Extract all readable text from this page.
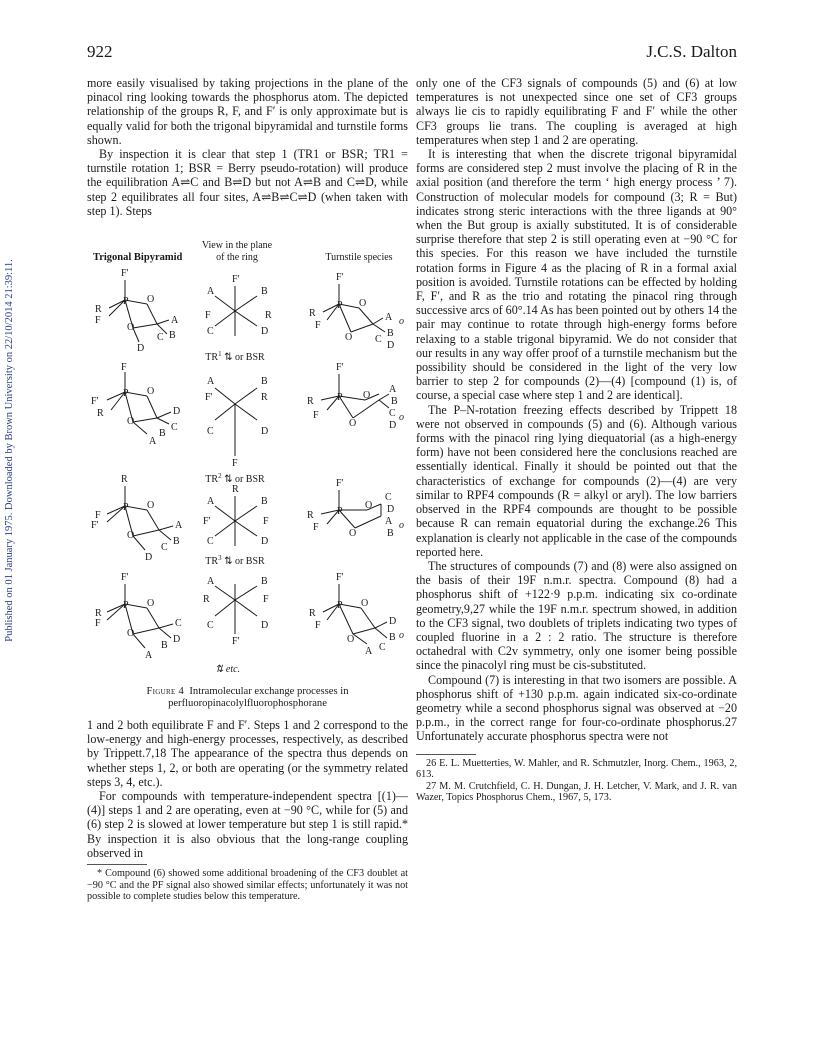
Published on 01 January 1975. Downloaded by Brown University on 22/10/2014 21:39:11.
922	J.C.S. Dalton

more easily visualised by taking projections in the plane of the pinacol ring looking towards the phosphorus atom. The depicted relationship of the groups R, F, and F′ is only approximate but is equally valid for both the trigonal bipyramidal and turnstile forms shown.

By inspection it is clear that step 1 (TR1 or BSR; TR1 = turnstile rotation 1; BSR = Berry pseudo-rotation) will produce the equilibration A⇌C and B⇌D but not A⇌B and C⇌D, while step 2 equilibrates all four sites, A⇌B⇌C⇌D (when taken with step 1). Steps

Trigonal Bipyramid
View in the plane
of the ring	Turnstile species
F′
R
F
P O
O
A
B
C
D
F′
A	B
C	D
F	R
F′
R
F
P O
O
A
B
C
D
o
$TR^1$ ⇅ or BSR
F
F′
R
P O
O
D
C
B
A
A	B
F′	R
C	D
F
F′
R
F
P O
O
A
B
C
D
o
$TR^2$ ⇅ or BSR
R
F
F′
P O
O
A
B
C
D
R
A	B
F′	F
C	D
F′
R
F
P
O
O
C
D
A
B
o
$TR^3$ ⇅ or BSR
F′
R
F
P O
O
C
D
B
A
A	B
R	F
C	D
F′
F′
R
F
P O
O
D
B
C
A
o
⇅ etc.
Figure 4 Intramolecular exchange processes in perfluoropinacolylfluorophosphorane

1 and 2 both equilibrate F and F′. Steps 1 and 2 correspond to the low-energy and high-energy processes, respectively, as described by Trippett.7,18 The appearance of the spectra thus depends on whether steps 1, 2, or both are operating (or the symmetry related steps 3, 4, etc.).

For compounds with temperature-independent spectra [(1)—(4)] steps 1 and 2 are operating, even at −90 °C, while for (5) and (6) step 2 is slowed at lower temperature but step 1 is still rapid.* By inspection it is also obvious that the long-range coupling observed in

* Compound (6) showed some additional broadening of the CF3 doublet at −90 °C and the PF signal also showed similar effects; unfortunately it was not possible to complete studies below this temperature.

only one of the CF3 signals of compounds (5) and (6) at low temperatures is not unexpected since one set of CF3 groups always lie cis to rapidly equilibrating F and F′ while the other CF3 groups lie trans. The coupling is averaged at high temperatures when step 1 and 2 are operating.

It is interesting that when the discrete trigonal bipyramidal forms are considered step 2 must involve the placing of R in the axial position (and therefore the term ‘ high energy process ’ 7). Construction of molecular models for compound (3; R = But) indicates strong steric interactions with the three ligands at 90° when the But group is axially substituted. It is of considerable surprise therefore that step 2 is still operating even at −90 °C for this species. For this reason we have included the turnstile rotation forms in Figure 4 as the placing of R in a formal axial position is avoided. Turnstile rotations can be effected by holding F, F′, and R as the trio and rotating the pinacol ring through successive arcs of 60°.14 As has been pointed out by others 14 the pair may continue to rotate through high-energy forms before relaxing to a stable trigonal bipyramid. We do not consider that our results in any way offer proof of a turnstile mechanism but the possibility should be considered in the light of the very low barrier to step 2 for compounds (2)—(4) [compound (1) is, of course, a special case where step 1 and 2 are identical].

The P–N-rotation freezing effects described by Trippett 18 were not observed in compounds (5) and (6). Although various forms with the pinacol ring lying diequatorial (as a high-energy form) have not been considered here the conclusions reached are essentially identical. Finally it should be pointed out that the characteristics of exchange for compounds (2)—(4) are very similar to RPF4 compounds (R = alkyl or aryl). The low barriers observed in the RPF4 compounds are thought to be possible because R can remain equatorial during the exchange.26 This explanation is clearly not applicable in the case of the compounds reported here.

The structures of compounds (7) and (8) were also assigned on the basis of their 19F n.m.r. spectra. Compound (8) had a phosphorus shift of +122·9 p.p.m. indicating six co-ordinate geometry,9,27 while the 19F n.m.r. spectrum showed, in addition to the CF3 signal, two doublets of triplets indicating two types of coupled fluorine in a 2 : 2 ratio. The structure is therefore octahedral with C2v symmetry, only one isomer being possible since the pinacolyl ring must be cis-substituted.

Compound (7) is interesting in that two isomers are possible. A phosphorus shift of +130 p.p.m. again indicated six-co-ordinate geometry while a second phosphorus signal was observed at −20 p.p.m., in the correct range for four-co-ordinate phosphorus.27 Unfortunately accurate phosphorus spectra were not

26 E. L. Muetterties, W. Mahler, and R. Schmutzler, Inorg. Chem., 1963, 2, 613.

27 M. M. Crutchfield, C. H. Dungan, J. H. Letcher, V. Mark, and J. R. van Wazer, Topics Phosphorus Chem., 1967, 5, 173.
